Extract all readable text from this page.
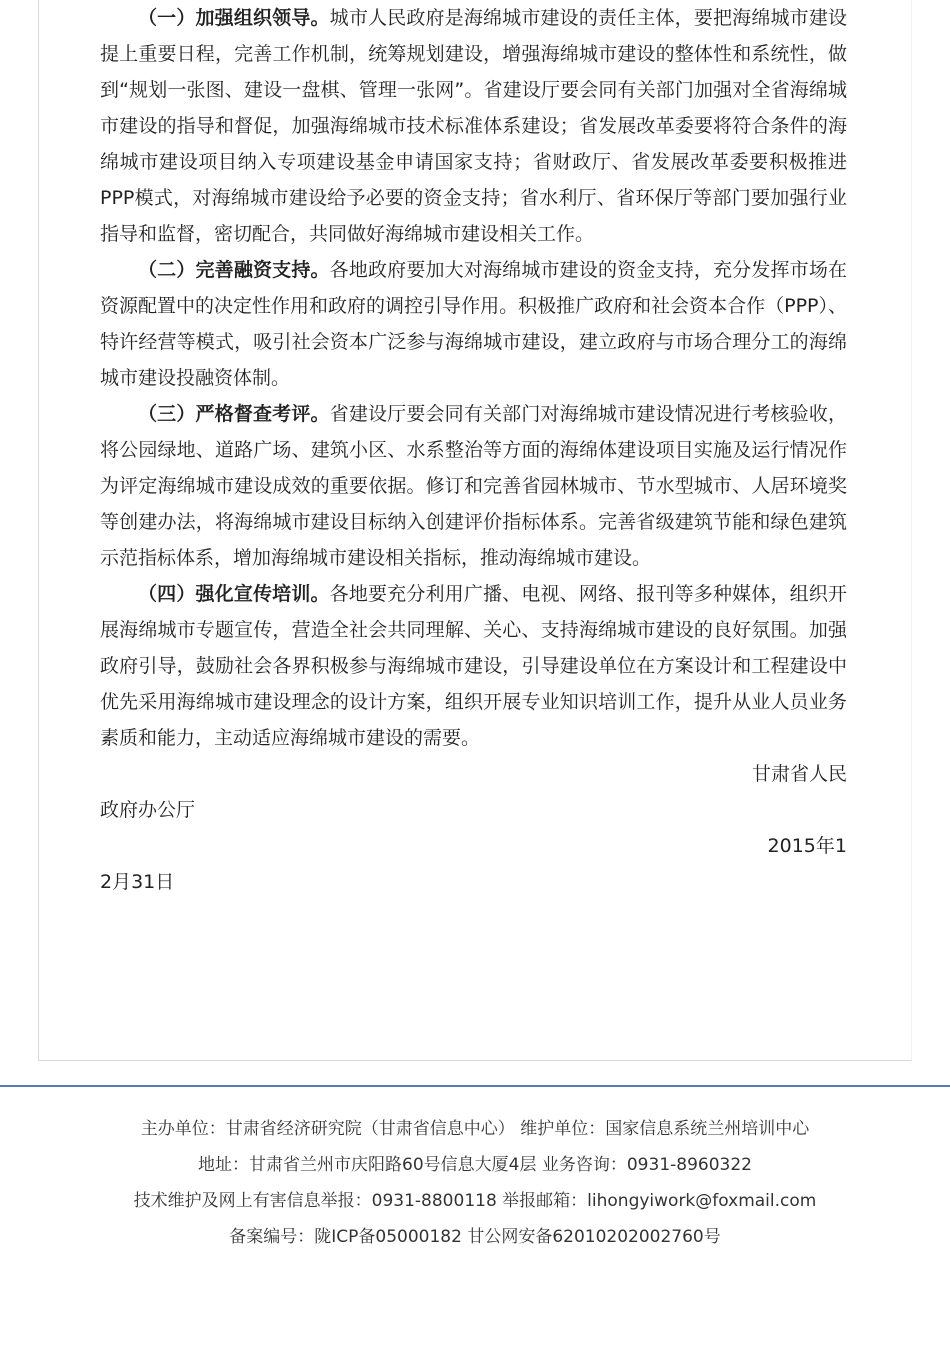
（一）加强组织领导。城市人民政府是海绵城市建设的责任主体，要把海绵城市建设提上重要日程，完善工作机制，统筹规划建设，增强海绵城市建设的整体性和系统性，做到“规划一张图、建设一盘棋、管理一张网”。省建设厅要会同有关部门加强对全省海绵城市建设的指导和督促，加强海绵城市技术标准体系建设；省发展改革委要将符合条件的海绵城市建设项目纳入专项建设基金申请国家支持；省财政厅、省发展改革委要积极推进PPP模式，对海绵城市建设给予必要的资金支持；省水利厅、省环保厅等部门要加强行业指导和监督，密切配合，共同做好海绵城市建设相关工作。

（二）完善融资支持。各地政府要加大对海绵城市建设的资金支持，充分发挥市场在资源配置中的决定性作用和政府的调控引导作用。积极推广政府和社会资本合作（PPP）、特许经营等模式，吸引社会资本广泛参与海绵城市建设，建立政府与市场合理分工的海绵城市建设投融资体制。

（三）严格督查考评。省建设厅要会同有关部门对海绵城市建设情况进行考核验收，将公园绿地、道路广场、建筑小区、水系整治等方面的海绵体建设项目实施及运行情况作为评定海绵城市建设成效的重要依据。修订和完善省园林城市、节水型城市、人居环境奖等创建办法，将海绵城市建设目标纳入创建评价指标体系。完善省级建筑节能和绿色建筑示范指标体系，增加海绵城市建设相关指标，推动海绵城市建设。

（四）强化宣传培训。各地要充分利用广播、电视、网络、报刊等多种媒体，组织开展海绵城市专题宣传，营造全社会共同理解、关心、支持海绵城市建设的良好氛围。加强政府引导，鼓励社会各界积极参与海绵城市建设，引导建设单位在方案设计和工程建设中优先采用海绵城市建设理念的设计方案，组织开展专业知识培训工作，提升从业人员业务素质和能力，主动适应海绵城市建设的需要。

甘肃省人民

政府办公厅

2015年1

2月31日

主办单位：甘肃省经济研究院（甘肃省信息中心） 维护单位：国家信息系统兰州培训中心
地址：甘肃省兰州市庆阳路60号信息大厦4层 业务咨询：0931-8960322
技术维护及网上有害信息举报：0931-8800118 举报邮箱：lihongyiwork@foxmail.com
备案编号：陇ICP备05000182 甘公网安备62010202002760号
